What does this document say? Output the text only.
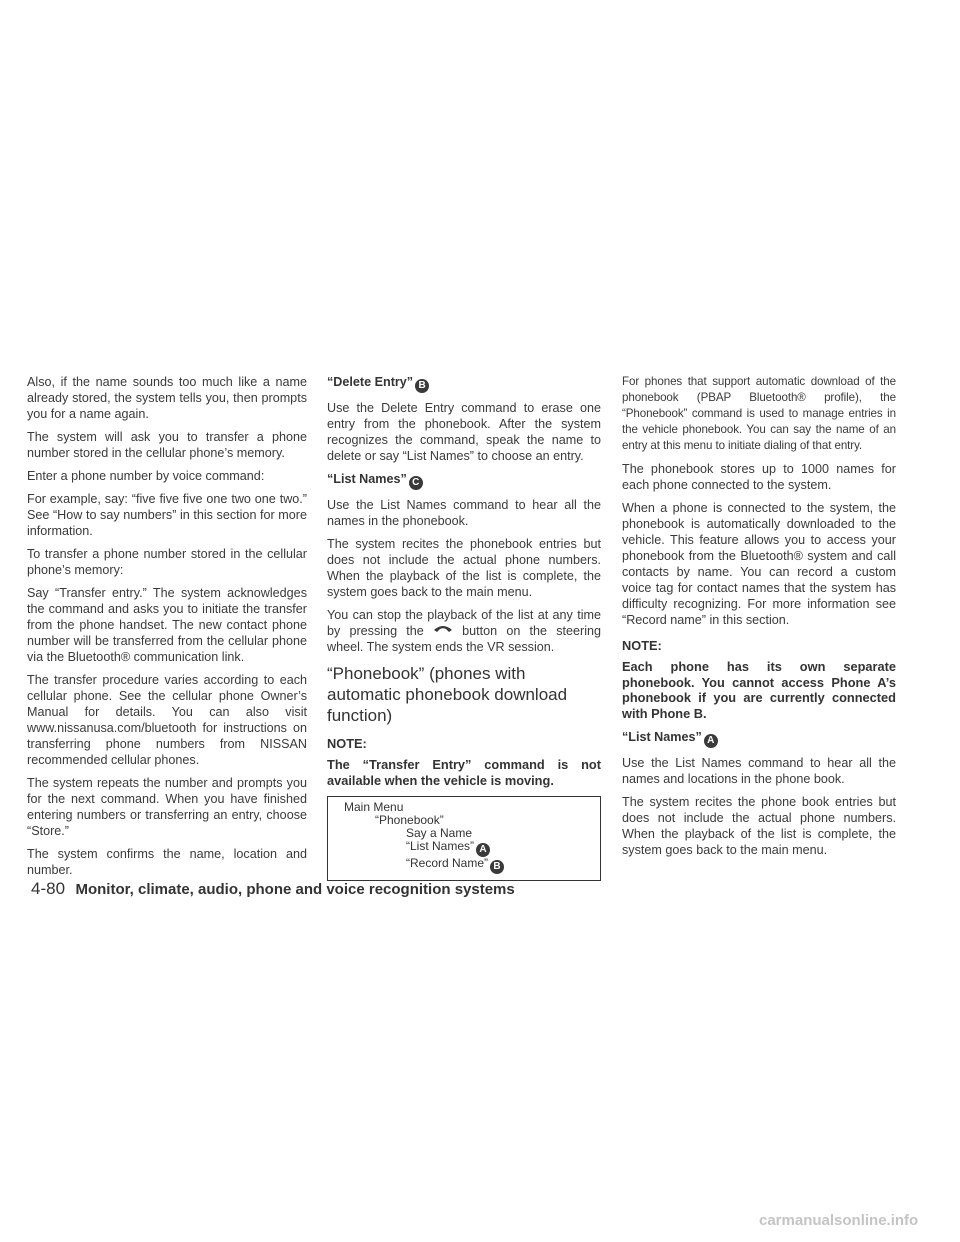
Also, if the name sounds too much like a name already stored, the system tells you, then prompts you for a name again.

The system will ask you to transfer a phone number stored in the cellular phone’s memory.

Enter a phone number by voice command:

For example, say: “five five five one two one two.” See “How to say numbers” in this section for more information.

To transfer a phone number stored in the cellular phone’s memory:

Say “Transfer entry.” The system acknowledges the command and asks you to initiate the transfer from the phone handset. The new contact phone number will be transferred from the cellular phone via the Bluetooth® communication link.

The transfer procedure varies according to each cellular phone. See the cellular phone Owner’s Manual for details. You can also visit www.nissanusa.com/bluetooth for instructions on transferring phone numbers from NISSAN recommended cellular phones.

The system repeats the number and prompts you for the next command. When you have finished entering numbers or transferring an entry, choose “Store.”

The system confirms the name, location and number.

“Delete Entry” B

Use the Delete Entry command to erase one entry from the phonebook. After the system recognizes the command, speak the name to delete or say “List Names” to choose an entry.

“List Names” C

Use the List Names command to hear all the names in the phonebook.

The system recites the phonebook entries but does not include the actual phone numbers. When the playback of the list is complete, the system goes back to the main menu.

You can stop the playback of the list at any time by pressing the	button on the steering wheel. The system ends the VR session.

“Phonebook” (phones with automatic phonebook download function)
NOTE:
The “Transfer Entry” command is not available when the vehicle is moving.
Main Menu
“Phonebook”
Say a Name
“List Names” A
“Record Name” B

For phones that support automatic download of the phonebook (PBAP Bluetooth® profile), the “Phonebook” command is used to manage entries in the vehicle phonebook. You can say the name of an entry at this menu to initiate dialing of that entry.

The phonebook stores up to 1000 names for each phone connected to the system.

When a phone is connected to the system, the phonebook is automatically downloaded to the vehicle. This feature allows you to access your phonebook from the Bluetooth® system and call contacts by name. You can record a custom voice tag for contact names that the system has difficulty recognizing. For more information see “Record name” in this section.

NOTE:
Each phone has its own separate phonebook. You cannot access Phone A’s phonebook if you are currently connected with Phone B.
“List Names” A

Use the List Names command to hear all the names and locations in the phone book.

The system recites the phone book entries but does not include the actual phone numbers. When the playback of the list is complete, the system goes back to the main menu.

4-80 Monitor, climate, audio, phone and voice recognition systems
carmanualsonline.info
